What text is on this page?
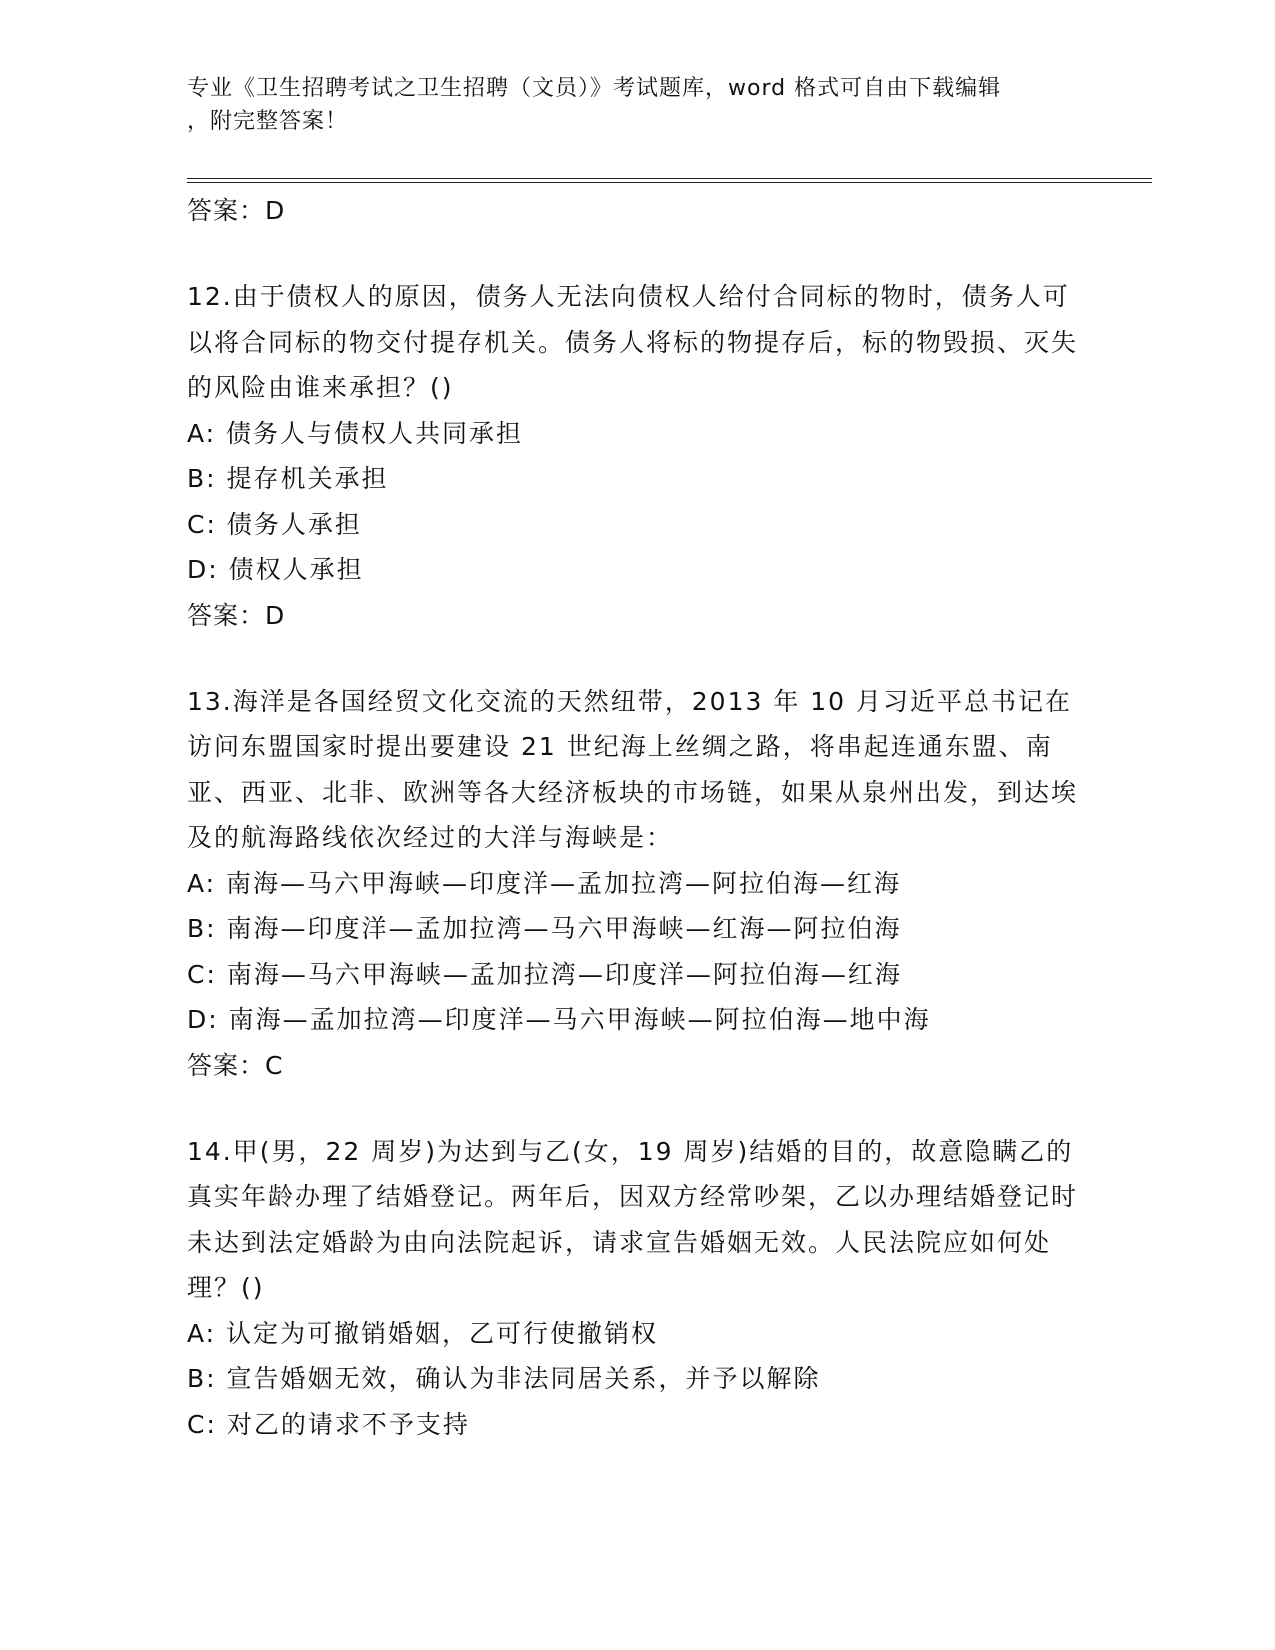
专业《卫生招聘考试之卫生招聘（文员）》考试题库，word 格式可自由下载编辑
，附完整答案！
答案：D
12.由于债权人的原因，债务人无法向债权人给付合同标的物时，债务人可以将合同标的物交付提存机关。债务人将标的物提存后，标的物毁损、灭失的风险由谁来承担？()
A: 债务人与债权人共同承担
B: 提存机关承担
C: 债务人承担
D: 债权人承担
答案：D
13.海洋是各国经贸文化交流的天然纽带，2013 年 10 月习近平总书记在访问东盟国家时提出要建设 21 世纪海上丝绸之路，将串起连通东盟、南亚、西亚、北非、欧洲等各大经济板块的市场链，如果从泉州出发，到达埃及的航海路线依次经过的大洋与海峡是：
A: 南海—马六甲海峡—印度洋—孟加拉湾—阿拉伯海—红海
B: 南海—印度洋—孟加拉湾—马六甲海峡—红海—阿拉伯海
C: 南海—马六甲海峡—孟加拉湾—印度洋—阿拉伯海—红海
D: 南海—孟加拉湾—印度洋—马六甲海峡—阿拉伯海—地中海
答案：C
14.甲(男，22 周岁)为达到与乙(女，19 周岁)结婚的目的，故意隐瞒乙的真实年龄办理了结婚登记。两年后，因双方经常吵架，乙以办理结婚登记时未达到法定婚龄为由向法院起诉，请求宣告婚姻无效。人民法院应如何处理？()
A: 认定为可撤销婚姻，乙可行使撤销权
B: 宣告婚姻无效，确认为非法同居关系，并予以解除
C: 对乙的请求不予支持
